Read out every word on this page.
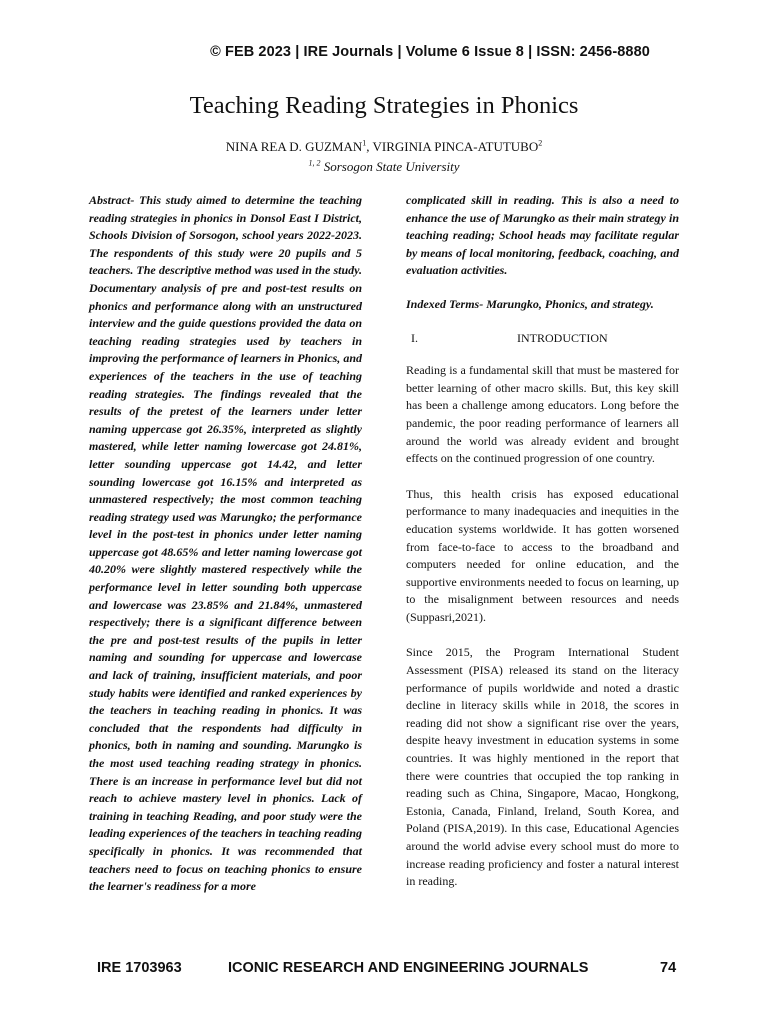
© FEB 2023 | IRE Journals | Volume 6 Issue 8 | ISSN: 2456-8880
Teaching Reading Strategies in Phonics
NINA REA D. GUZMAN$^1$, VIRGINIA PINCA-ATUTUBO$^2$
$^{1, 2}$ Sorsogon State University

Abstract- This study aimed to determine the teaching reading strategies in phonics in Donsol East I District, Schools Division of Sorsogon, school years 2022-2023. The respondents of this study were 20 pupils and 5 teachers. The descriptive method was used in the study. Documentary analysis of pre and post-test results on phonics and performance along with an unstructured interview and the guide questions provided the data on teaching reading strategies used by teachers in improving the performance of learners in Phonics, and experiences of the teachers in the use of teaching reading strategies. The findings revealed that the results of the pretest of the learners under letter naming uppercase got 26.35%, interpreted as slightly mastered, while letter naming lowercase got 24.81%, letter sounding uppercase got 14.42, and letter sounding lowercase got 16.15% and interpreted as unmastered respectively; the most common teaching reading strategy used was Marungko; the performance level in the post-test in phonics under letter naming uppercase got 48.65% and letter naming lowercase got 40.20% were slightly mastered respectively while the performance level in letter sounding both uppercase and lowercase was 23.85% and 21.84%, unmastered respectively; there is a significant difference between the pre and post-test results of the pupils in letter naming and sounding for uppercase and lowercase and lack of training, insufficient materials, and poor study habits were identified and ranked experiences by the teachers in teaching reading in phonics. It was concluded that the respondents had difficulty in phonics, both in naming and sounding. Marungko is the most used teaching reading strategy in phonics. There is an increase in performance level but did not reach to achieve mastery level in phonics. Lack of training in teaching Reading, and poor study were the leading experiences of the teachers in teaching reading specifically in phonics. It was recommended that teachers need to focus on teaching phonics to ensure the learner's readiness for a more

complicated skill in reading. This is also a need to enhance the use of Marungko as their main strategy in teaching reading; School heads may facilitate regular by means of local monitoring, feedback, coaching, and evaluation activities.

Indexed Terms- Marungko, Phonics, and strategy.

I.	INTRODUCTION

Reading is a fundamental skill that must be mastered for better learning of other macro skills. But, this key skill has been a challenge among educators. Long before the pandemic, the poor reading performance of learners all around the world was already evident and brought effects on the continued progression of one country.

Thus, this health crisis has exposed educational performance to many inadequacies and inequities in the education systems worldwide. It has gotten worsened from face-to-face to access to the broadband and computers needed for online education, and the supportive environments needed to focus on learning, up to the misalignment between resources and needs (Suppasri,2021).

Since 2015, the Program International Student Assessment (PISA) released its stand on the literacy performance of pupils worldwide and noted a drastic decline in literacy skills while in 2018, the scores in reading did not show a significant rise over the years, despite heavy investment in education systems in some countries. It was highly mentioned in the report that there were countries that occupied the top ranking in reading such as China, Singapore, Macao, Hongkong, Estonia, Canada, Finland, Ireland, South Korea, and Poland (PISA,2019). In this case, Educational Agencies around the world advise every school must do more to increase reading proficiency and foster a natural interest in reading.

IRE 1703963	ICONIC RESEARCH AND ENGINEERING JOURNALS	74
